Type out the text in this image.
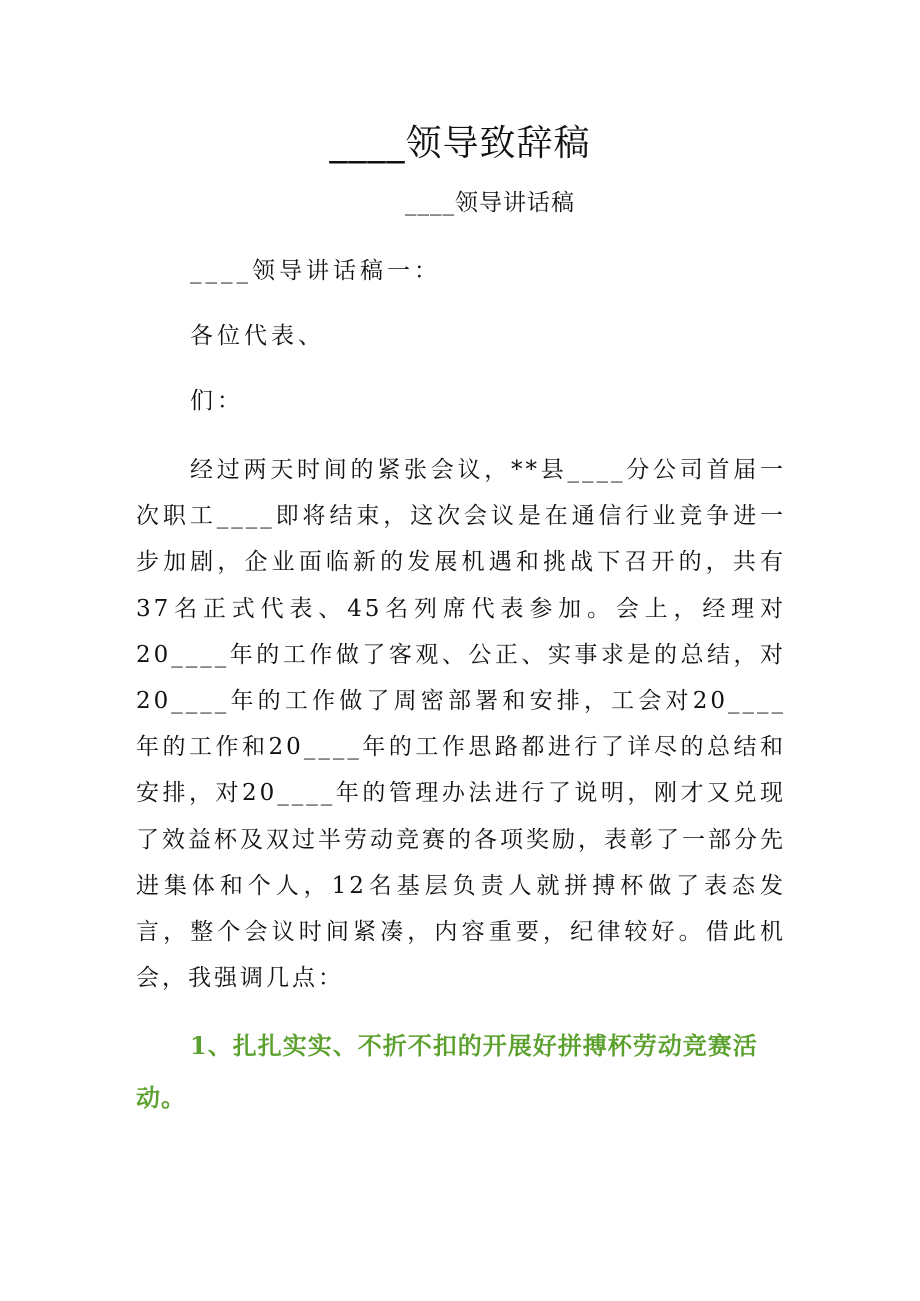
____领导致辞稿
____领导讲话稿
____领导讲话稿一：
各位代表、
们：

经过两天时间的紧张会议，**县____分公司首届一次职工____即将结束，这次会议是在通信行业竞争进一步加剧，企业面临新的发展机遇和挑战下召开的，共有37名正式代表、45名列席代表参加。会上，经理对20____年的工作做了客观、公正、实事求是的总结，对20____年的工作做了周密部署和安排，工会对20____年的工作和20____年的工作思路都进行了详尽的总结和安排，对20____年的管理办法进行了说明，刚才又兑现了效益杯及双过半劳动竞赛的各项奖励，表彰了一部分先进集体和个人，12名基层负责人就拼搏杯做了表态发言，整个会议时间紧凑，内容重要，纪律较好。借此机会，我强调几点：

1、扎扎实实、不折不扣的开展好拼搏杯劳动竞赛活动。
